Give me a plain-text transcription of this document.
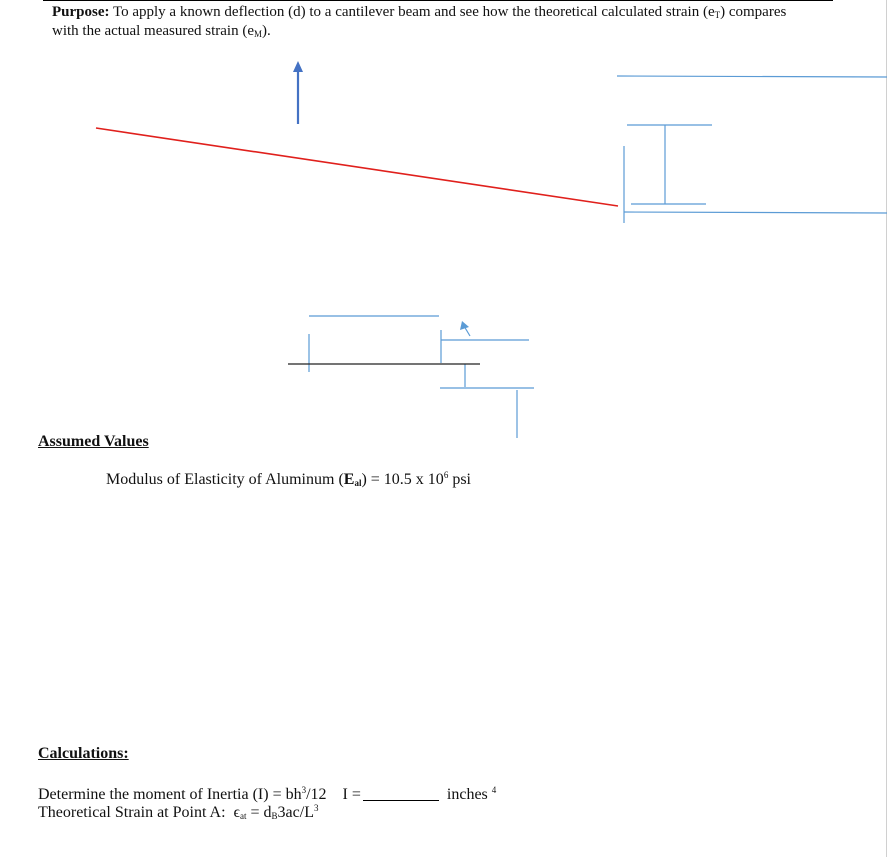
Purpose: To apply a known deflection (d) to a cantilever beam and see how the theoretical calculated strain $(e_T)$ compares with the actual measured strain $(e_M)$.
Assumed Values
Modulus of Elasticity of Aluminum $(E_{al}) = 10.5$ x $10^6$ psi
Calculations:
Determine the moment of Inertia $(I) = bh^3/12$    I =	inches $^4$
Theoretical Strain at Point A:  $\epsilon_{at} = d_B3ac/L^3$
